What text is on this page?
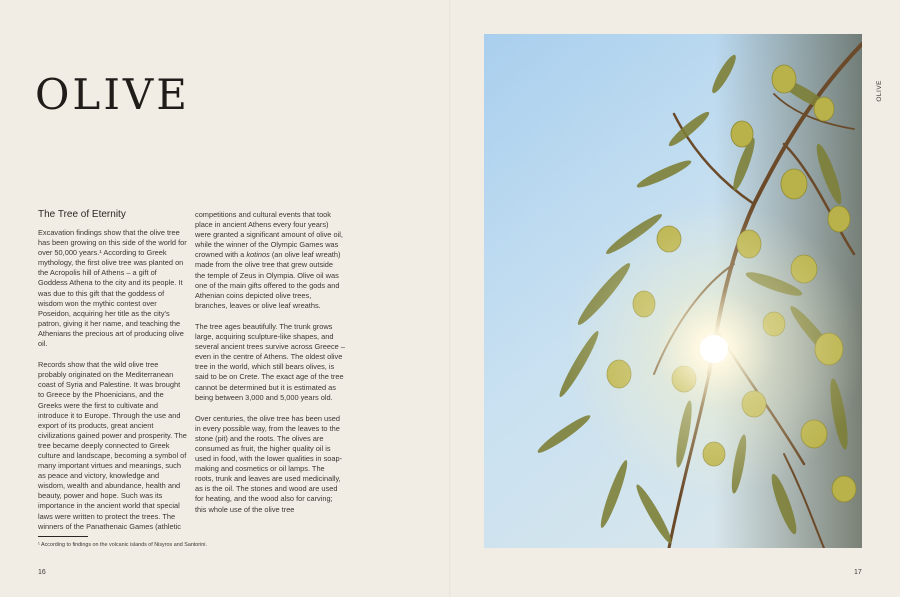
OLIVE
The Tree of Eternity

Excavation findings show that the olive tree has been growing on this side of the world for over 50,000 years.¹ According to Greek mythology, the first olive tree was planted on the Acropolis hill of Athens – a gift of Goddess Athena to the city and its people. It was due to this gift that the goddess of wisdom won the mythic contest over Poseidon, acquiring her title as the city's patron, giving it her name, and teaching the Athenians the precious art of producing olive oil.

Records show that the wild olive tree probably originated on the Mediterranean coast of Syria and Palestine. It was brought to Greece by the Phoenicians, and the Greeks were the first to cultivate and introduce it to Europe. Through the use and export of its products, great ancient civilizations gained power and prosperity. The tree became deeply connected to Greek culture and landscape, becoming a symbol of many important virtues and meanings, such as peace and victory, knowledge and wisdom, wealth and abundance, health and beauty, power and hope. Such was its importance in the ancient world that special laws were written to protect the trees. The winners of the Panathenaic Games (athletic

competitions and cultural events that took place in ancient Athens every four years) were granted a significant amount of olive oil, while the winner of the Olympic Games was crowned with a kotinos (an olive leaf wreath) made from the olive tree that grew outside the temple of Zeus in Olympia. Olive oil was one of the main gifts offered to the gods and Athenian coins depicted olive trees, branches, leaves or olive leaf wreaths.

The tree ages beautifully. The trunk grows large, acquiring sculpture-like shapes, and several ancient trees survive across Greece – even in the centre of Athens. The oldest olive tree in the world, which still bears olives, is said to be on Crete. The exact age of the tree cannot be determined but it is estimated as being between 3,000 and 5,000 years old.

Over centuries, the olive tree has been used in every possible way, from the leaves to the stone (pit) and the roots. The olives are consumed as fruit, the higher quality oil is used in food, with the lower qualities in soap-making and cosmetics or oil lamps. The roots, trunk and leaves are used medicinally, as is the oil. The stones and wood are used for heating, and the wood also for carving; this whole use of the olive tree

¹ According to findings on the volcanic islands of Nisyros and Santorini.
16
OLIVE
17
